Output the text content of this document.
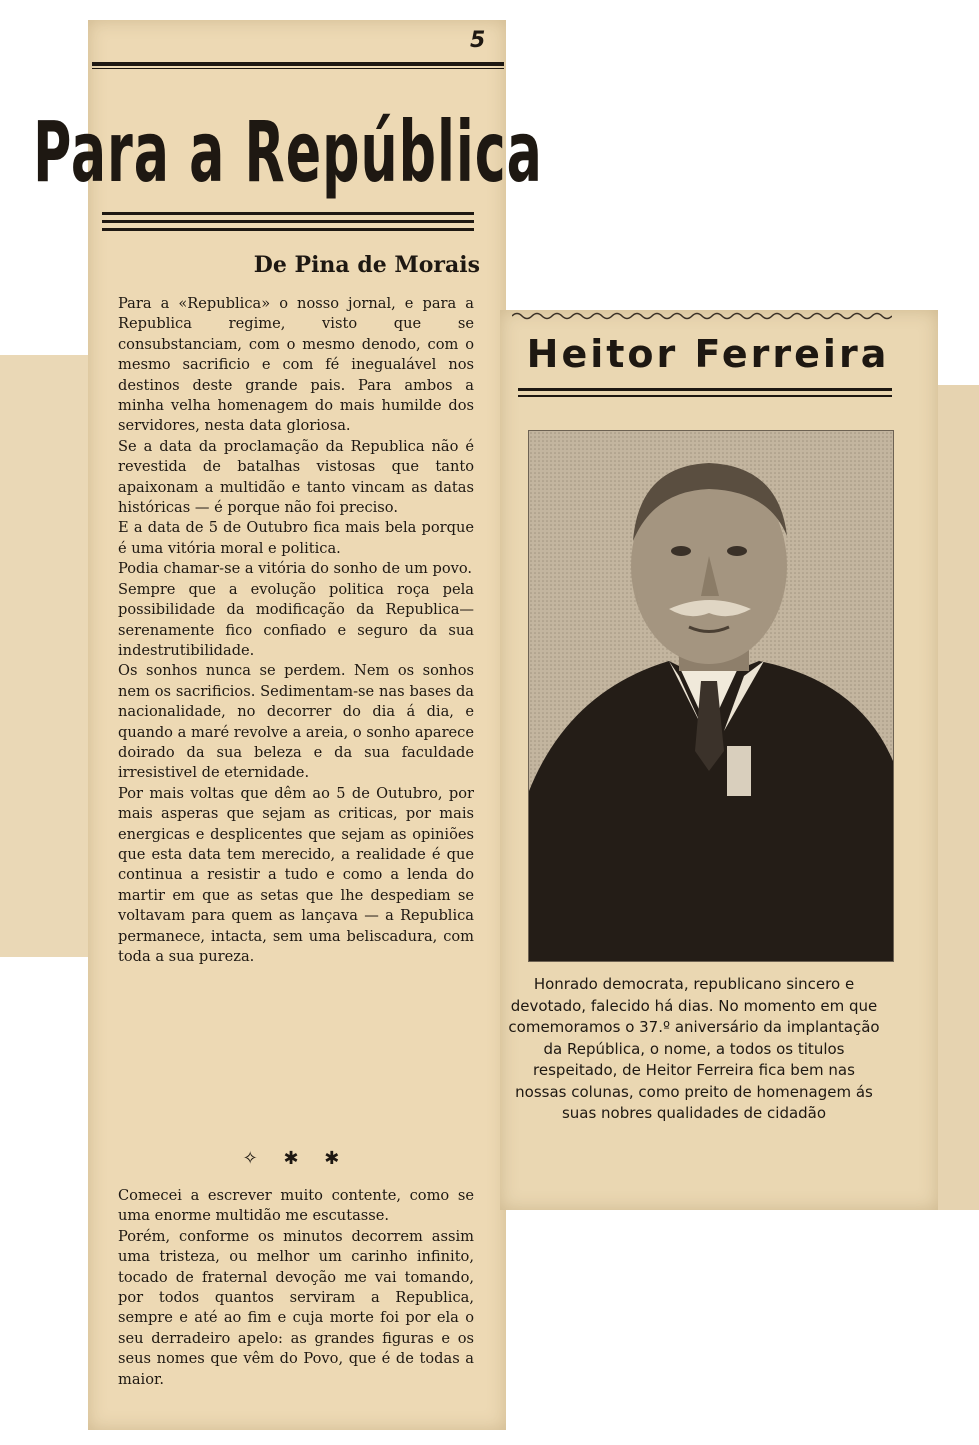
5
Para a República
De Pina de Morais

Para a «Republica» o nosso jornal, e para a Republica regime, visto que se consubstanciam, com o mesmo denodo, com o mesmo sacrificio e com fé inegualável nos destinos deste grande pais. Para ambos a minha velha homenagem do mais humilde dos servidores, nesta data gloriosa.

Se a data da proclamação da Republica não é revestida de batalhas vistosas que tanto apaixonam a multidão e tanto vincam as datas históricas — é porque não foi preciso.

E a data de 5 de Outubro fica mais bela porque é uma vitória moral e politica.

Podia chamar-se a vitória do sonho de um povo.

Sempre que a evolução politica roça pela possibilidade da modificação da Republica—serenamente fico confiado e seguro da sua indestrutibilidade.

Os sonhos nunca se perdem. Nem os sonhos nem os sacrificios. Sedimentam-se nas bases da nacionalidade, no decorrer do dia á dia, e quando a maré revolve a areia, o sonho aparece doirado da sua beleza e da sua faculdade irresistivel de eternidade.

Por mais voltas que dêm ao 5 de Outubro, por mais asperas que sejam as criticas, por mais energicas e desplicentes que sejam as opiniões que esta data tem merecido, a realidade é que continua a resistir a tudo e como a lenda do martir em que as setas que lhe despediam se voltavam para quem as lançava — a Republica permanece, intacta, sem uma beliscadura, com toda a sua pureza.

✧ ✱ ✱

Comecei a escrever muito contente, como se uma enorme multidão me escutasse.

Porém, conforme os minutos decorrem assim uma tristeza, ou melhor um carinho infinito, tocado de fraternal devoção me vai tomando, por todos quantos serviram a Republica, sempre e até ao fim e cuja morte foi por ela o seu derradeiro apelo: as grandes figuras e os seus nomes que vêm do Povo, que é de todas a maior.

Heitor Ferreira
Honrado democrata, republicano sincero e devotado, falecido há dias. No momento em que comemoramos o 37.º aniversário da implantação da República, o nome, a todos os titulos respeitado, de Heitor Ferreira fica bem nas nossas colunas, como preito de homenagem ás suas nobres qualidades de cidadão
